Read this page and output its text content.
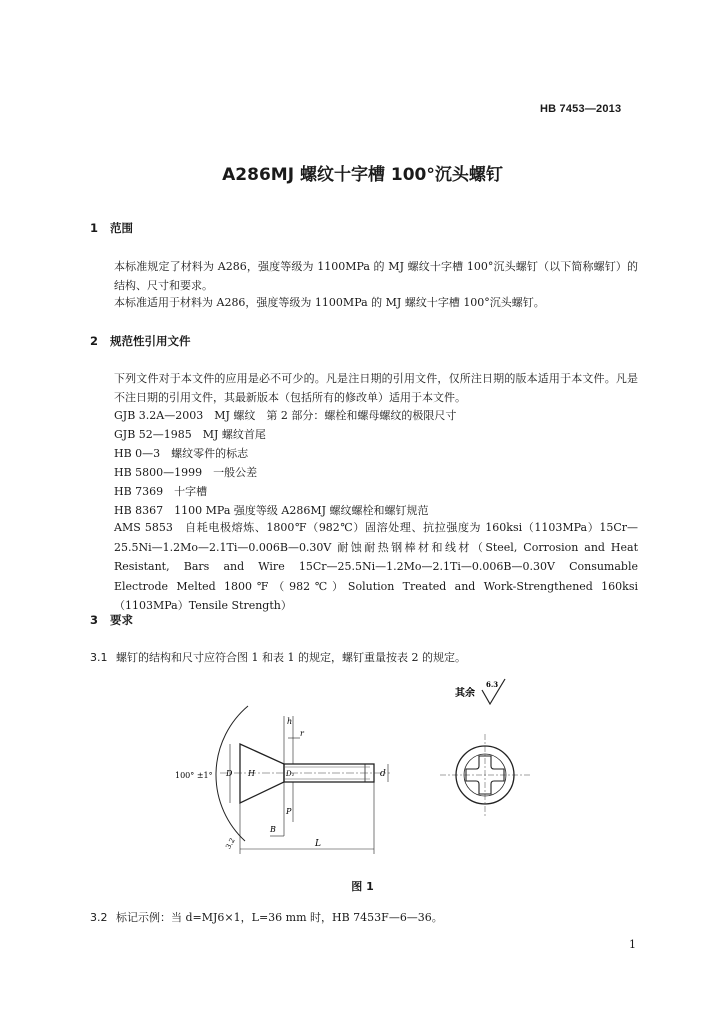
HB 7453—2013
A286MJ 螺纹十字槽 100°沉头螺钉
1 范围
本标准规定了材料为 A286，强度等级为 1100MPa 的 MJ 螺纹十字槽 100°沉头螺钉（以下简称螺钉）的结构、尺寸和要求。
本标准适用于材料为 A286，强度等级为 1100MPa 的 MJ 螺纹十字槽 100°沉头螺钉。
2 规范性引用文件
下列文件对于本文件的应用是必不可少的。凡是注日期的引用文件，仅所注日期的版本适用于本文件。凡是不注日期的引用文件，其最新版本（包括所有的修改单）适用于本文件。
GJB 3.2A—2003　MJ 螺纹　第 2 部分：螺栓和螺母螺纹的极限尺寸
GJB 52—1985　MJ 螺纹首尾
HB 0—3　螺纹零件的标志
HB 5800—1999　一般公差
HB 7369　十字槽
HB 8367　1100 MPa 强度等级 A286MJ 螺纹螺栓和螺钉规范
AMS 5853　自耗电极熔炼、1800℉（982℃）固溶处理、抗拉强度为 160ksi（1103MPa）15Cr—25.5Ni—1.2Mo—2.1Ti—0.006B—0.30V 耐蚀耐热钢棒材和线材（Steel, Corrosion and Heat Resistant, Bars and Wire 15Cr—25.5Ni—1.2Mo—2.1Ti—0.006B—0.30V Consumable Electrode Melted 1800℉（982℃）Solution Treated and Work-Strengthened 160ksi（1103MPa）Tensile Strength）
3 要求
3.1 螺钉的结构和尺寸应符合图 1 和表 1 的规定，螺钉重量按表 2 的规定。
其余
6.3
100° ±1°
h
r
D H	D₁	d
P
B
L
3.2
图 1
3.2 标记示例：当 d=MJ6×1，L=36 mm 时，HB 7453F—6—36。
1
